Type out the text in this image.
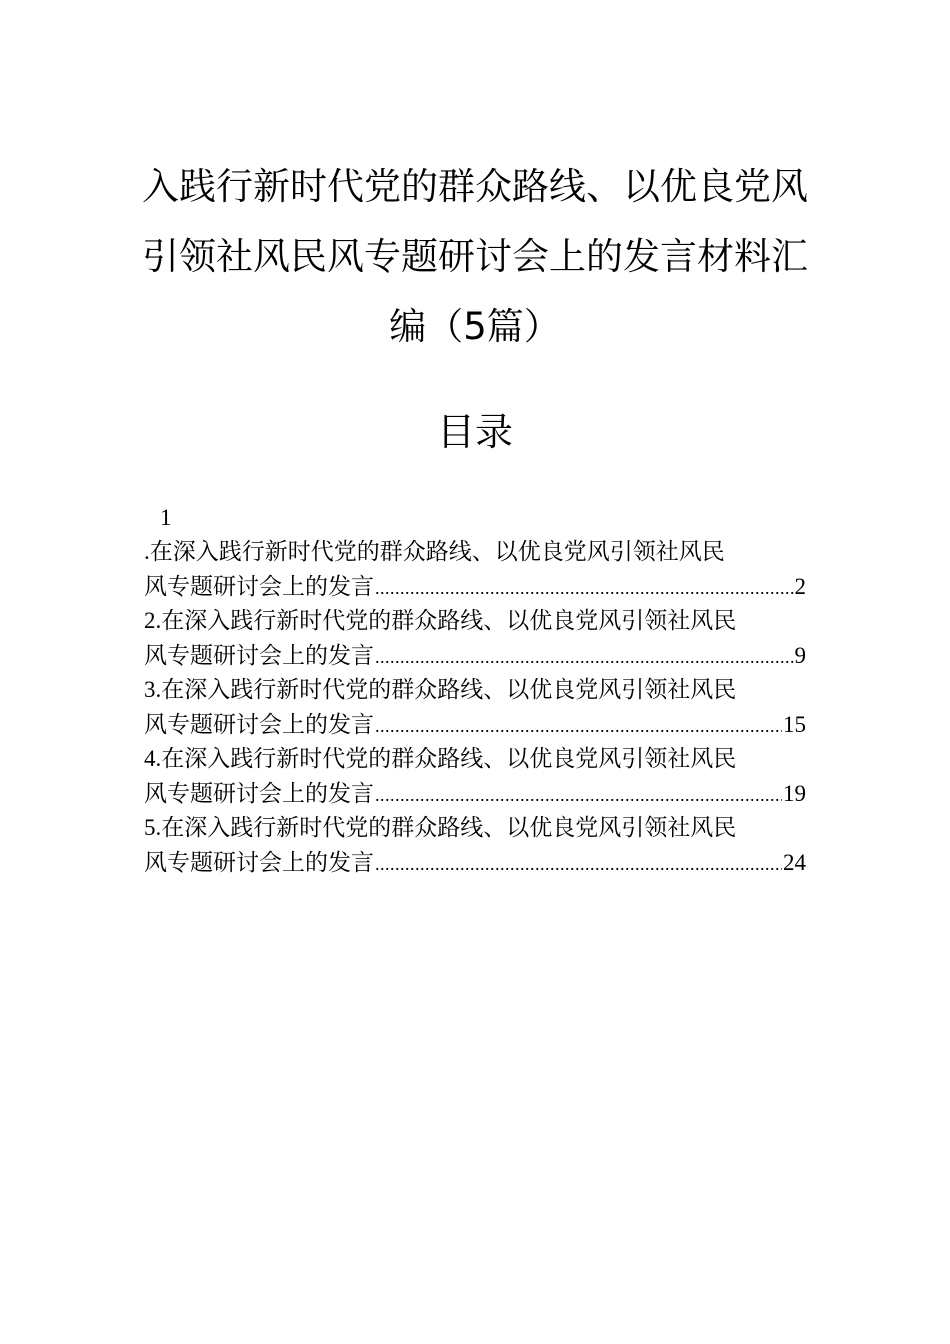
入践行新时代党的群众路线、以优良党风
引领社风民风专题研讨会上的发言材料汇
编（5篇）
目录
1
.在深入践行新时代党的群众路线、以优良党风引领社风民
风专题研讨会上的发言 .....	2
2.在深入践行新时代党的群众路线、以优良党风引领社风民
风专题研讨会上的发言 .....	9
3.在深入践行新时代党的群众路线、以优良党风引领社风民
风专题研讨会上的发言 .....	15
4.在深入践行新时代党的群众路线、以优良党风引领社风民
风专题研讨会上的发言 .....	19
5.在深入践行新时代党的群众路线、以优良党风引领社风民
风专题研讨会上的发言 .....	24
